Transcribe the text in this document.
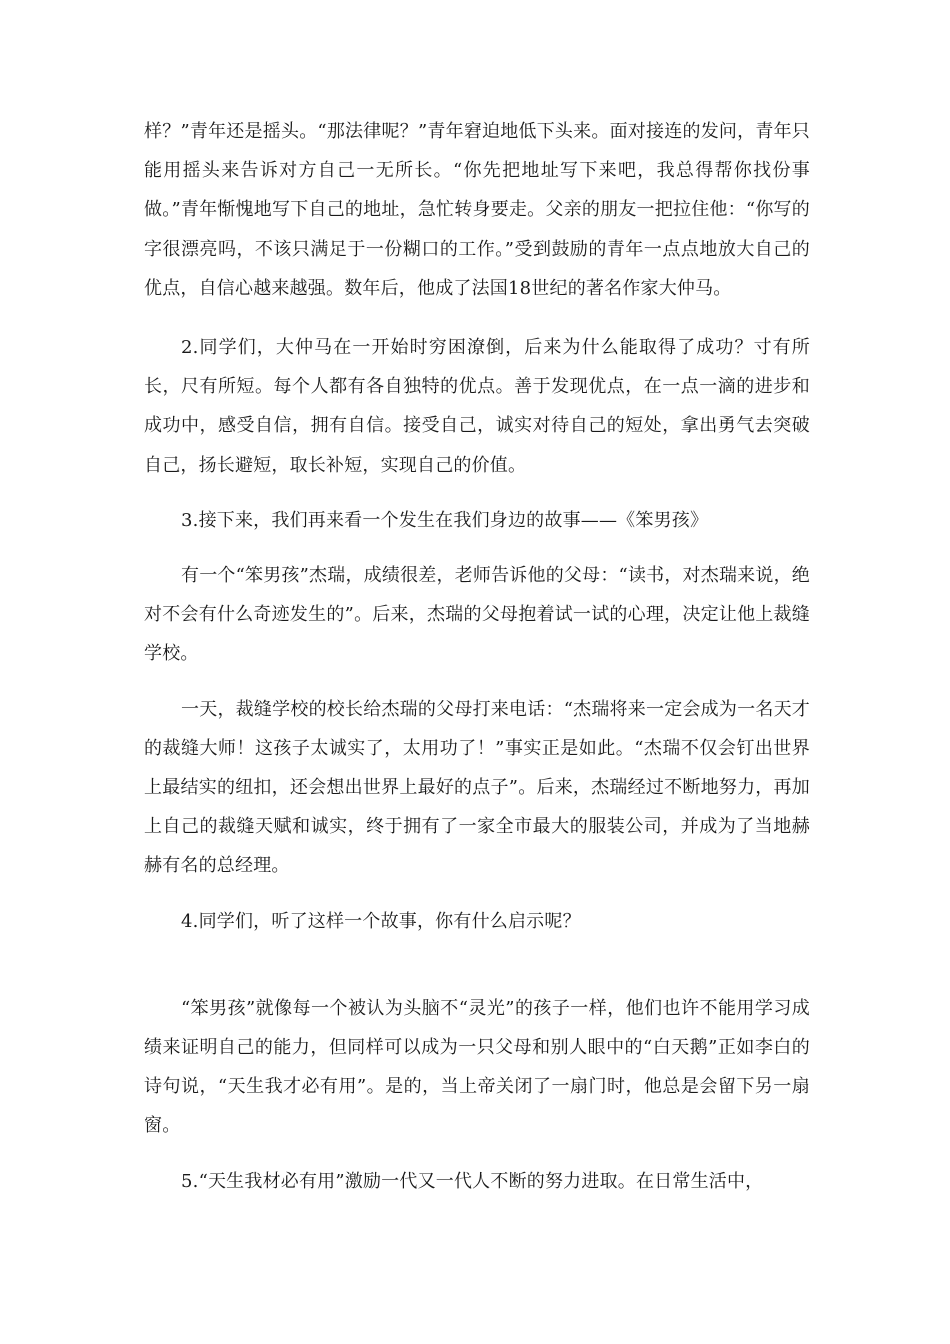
样？”青年还是摇头。“那法律呢？”青年窘迫地低下头来。面对接连的发问，青年只能用摇头来告诉对方自己一无所长。“你先把地址写下来吧，我总得帮你找份事做。”青年惭愧地写下自己的地址，急忙转身要走。父亲的朋友一把拉住他：“你写的字很漂亮吗，不该只满足于一份糊口的工作。”受到鼓励的青年一点点地放大自己的优点，自信心越来越强。数年后，他成了法国18世纪的著名作家大仲马。

2.同学们，大仲马在一开始时穷困潦倒，后来为什么能取得了成功？寸有所长，尺有所短。每个人都有各自独特的优点。善于发现优点，在一点一滴的进步和成功中，感受自信，拥有自信。接受自己，诚实对待自己的短处，拿出勇气去突破自己，扬长避短，取长补短，实现自己的价值。

3.接下来，我们再来看一个发生在我们身边的故事——《笨男孩》

有一个“笨男孩”杰瑞，成绩很差，老师告诉他的父母：“读书，对杰瑞来说，绝对不会有什么奇迹发生的”。后来，杰瑞的父母抱着试一试的心理，决定让他上裁缝学校。

一天，裁缝学校的校长给杰瑞的父母打来电话：“杰瑞将来一定会成为一名天才的裁缝大师！这孩子太诚实了，太用功了！”事实正是如此。“杰瑞不仅会钉出世界上最结实的纽扣，还会想出世界上最好的点子”。后来，杰瑞经过不断地努力，再加上自己的裁缝天赋和诚实，终于拥有了一家全市最大的服装公司，并成为了当地赫赫有名的总经理。

4.同学们，听了这样一个故事，你有什么启示呢？

“笨男孩”就像每一个被认为头脑不“灵光”的孩子一样，他们也许不能用学习成绩来证明自己的能力，但同样可以成为一只父母和别人眼中的“白天鹅”正如李白的诗句说，“天生我才必有用”。是的，当上帝关闭了一扇门时，他总是会留下另一扇窗。

5.“天生我材必有用”激励一代又一代人不断的努力进取。在日常生活中，
